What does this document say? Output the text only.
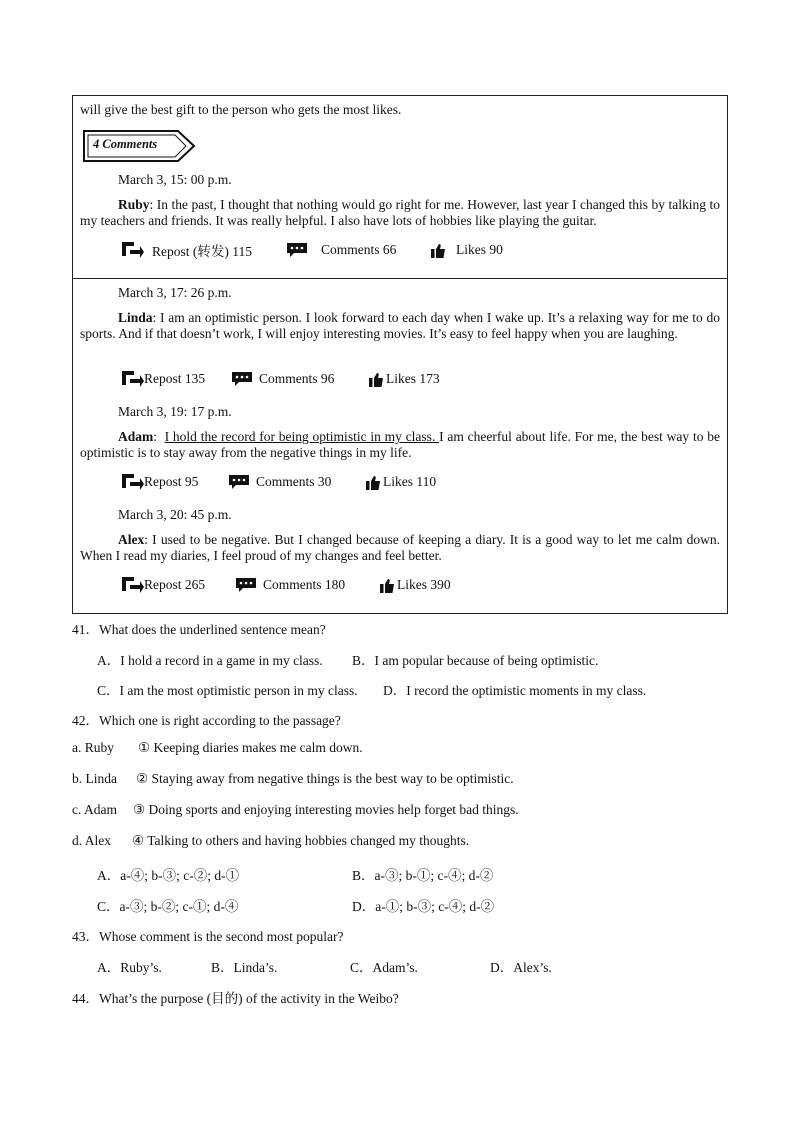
will give the best gift to the person who gets the most likes.
4 Comments
March 3, 15: 00 p.m.
Ruby: In the past, I thought that nothing would go right for me. However, last year I changed this by talking to my teachers and friends. It was really helpful. I also have lots of hobbies like playing the guitar.
Repost (转发) 115	Comments 66	Likes 90
March 3, 17: 26 p.m.
Linda: I am an optimistic person. I look forward to each day when I wake up. It’s a relaxing way for me to do sports. And if that doesn’t work, I will enjoy interesting movies. It’s easy to feel happy when you are laughing.
Repost 135	Comments 96	Likes 173
March 3, 19: 17 p.m.
Adam:  I hold the record for being optimistic in my class. I am cheerful about life. For me, the best way to be optimistic is to stay away from the negative things in my life.
Repost 95	Comments 30	Likes 110
March 3, 20: 45 p.m.
Alex: I used to be negative. But I changed because of keeping a diary. It is a good way to let me calm down. When I read my diaries, I feel proud of my changes and feel better.
Repost 265	Comments 180	Likes 390
41．What does the underlined sentence mean?
A．I hold a record in a game in my class. B．I am popular because of being optimistic.
C．I am the most optimistic person in my class. D．I record the optimistic moments in my class.
42．Which one is right according to the passage?
a. Ruby ① Keeping diaries makes me calm down.
b. Linda ② Staying away from negative things is the best way to be optimistic.
c. Adam ③ Doing sports and enjoying interesting movies help forget bad things.
d. Alex ④ Talking to others and having hobbies changed my thoughts.
A．a-④; b-③; c-②; d-①	B．a-③; b-①; c-④; d-②
C．a-③; b-②; c-①; d-④	D．a-①; b-③; c-④; d-②
43．Whose comment is the second most popular?
A．Ruby’s.	B．Linda’s.	C．Adam’s.	D．Alex’s.
44．What’s the purpose (目的) of the activity in the Weibo?
